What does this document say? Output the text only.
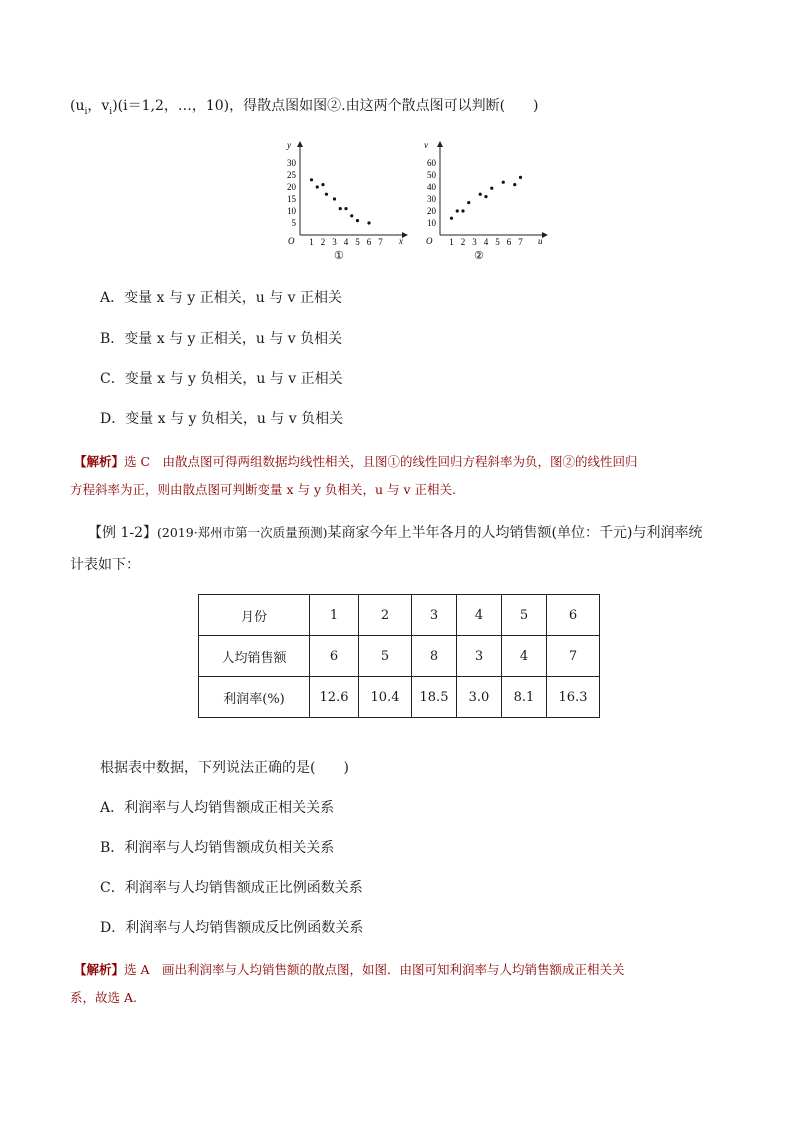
($u_i$，$v_i)(i=1,2$，…，10)，得散点图如图②.由这两个散点图可以判断(　　)
y
x
O
①
30
25
20
15
10
5
1 2 3 4 5 6 7
v
u
O
②
60
50
40
30
20
10
1 2 3 4 5 6 7
A．变量 x 与 y 正相关，u 与 v 正相关
B．变量 x 与 y 正相关，u 与 v 负相关
C．变量 x 与 y 负相关，u 与 v 正相关
D．变量 x 与 y 负相关，u 与 v 负相关
【解析】选 C　由散点图可得两组数据均线性相关，且图①的线性回归方程斜率为负，图②的线性回归
方程斜率为正，则由散点图可判断变量 x 与 y 负相关，u 与 v 正相关.
【例 1-2】(2019·郑州市第一次质量预测)某商家今年上半年各月的人均销售额(单位：千元)与利润率统
计表如下：
月份	1	2	3	4	5	6
人均销售额	6	5	8	3	4	7
利润率(%)	12.6	10.4	18.5	3.0	8.1	16.3
根据表中数据，下列说法正确的是(　　)
A．利润率与人均销售额成正相关关系
B．利润率与人均销售额成负相关关系
C．利润率与人均销售额成正比例函数关系
D．利润率与人均销售额成反比例函数关系
【解析】选 A　画出利润率与人均销售额的散点图，如图．由图可知利润率与人均销售额成正相关关
系，故选 A.
